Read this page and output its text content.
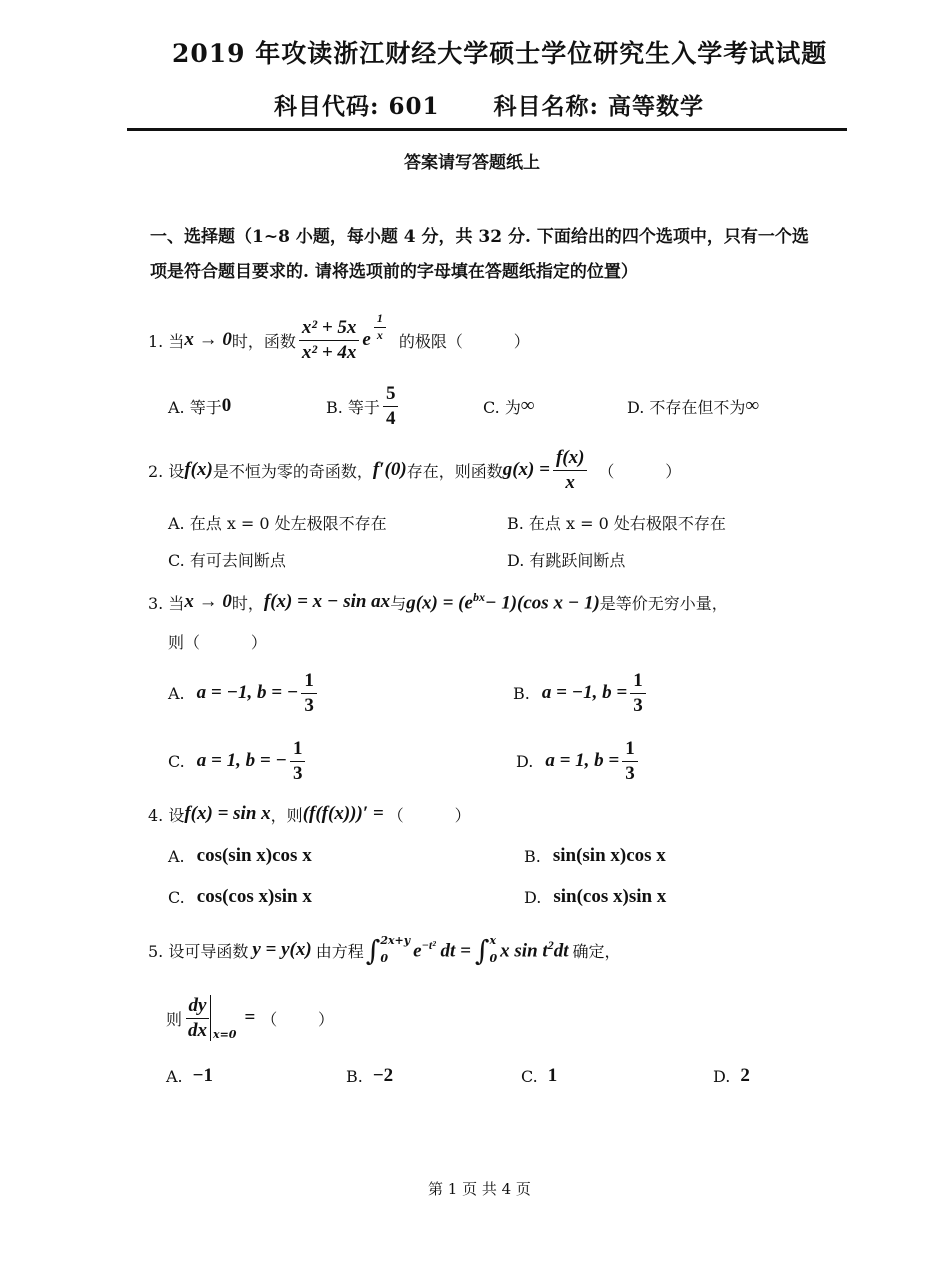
2019 年攻读浙江财经大学硕士学位研究生入学考试试题
科目代码: 601      科目名称: 高等数学
答案请写答题纸上
一、选择题（1~8 小题，每小题 4 分，共 32 分. 下面给出的四个选项中，只有一个选
项是符合题目要求的. 请将选项前的字母填在答题纸指定的位置）
1. 当 x → 0 时，函数 $\frac{\text{x² + 5x}}{\text{x² + 4x}}$ e $\frac{1}{x}$ 的极限（          ）
A. 等于 0	B. 等于 $\frac{5}{4}$	C. 为 ∞	D. 不存在但不为 ∞
2. 设 f(x) 是不恒为零的奇函数， f′(0) 存在，则函数 $g(x) = \frac{f(x)}{x}$ （          ）
A. 在点 x = 0 处左极限不存在	B. 在点 x = 0 处右极限不存在
C. 有可去间断点	D. 有跳跃间断点
3. 当 x → 0 时， f(x) = x − sin ax 与 $g(x) = (e^{bx}- 1)(\cos$ x − 1) 是等价无穷小量，
则（          ）
A. a = −1, b = − $\frac{1}{3}$	B. a = −1, $b = \frac{1}{3}$
C. a = 1, b = − $\frac{1}{3}$	D. a = 1, $b = \frac{1}{3}$
4. 设 f(x) = sin x ，则 (f(f(x)))′ = （          ）
A. cos(sin x)cos x	B. sin(sin x)cos x
C. cos(cos x)sin x	D. sin(cos x)sin x
5. 设可导函数 y = y(x) 由方程 ∫ 2x+y
0	$e^{-t^2}$ dt = ∫ x
0 x $\sin t^2dt$ 确定，
则 $\frac{dy}{dx} x=0$
= （        ）
A. −1	B. −2	C. 1	D. 2
第 1 页 共 4 页
